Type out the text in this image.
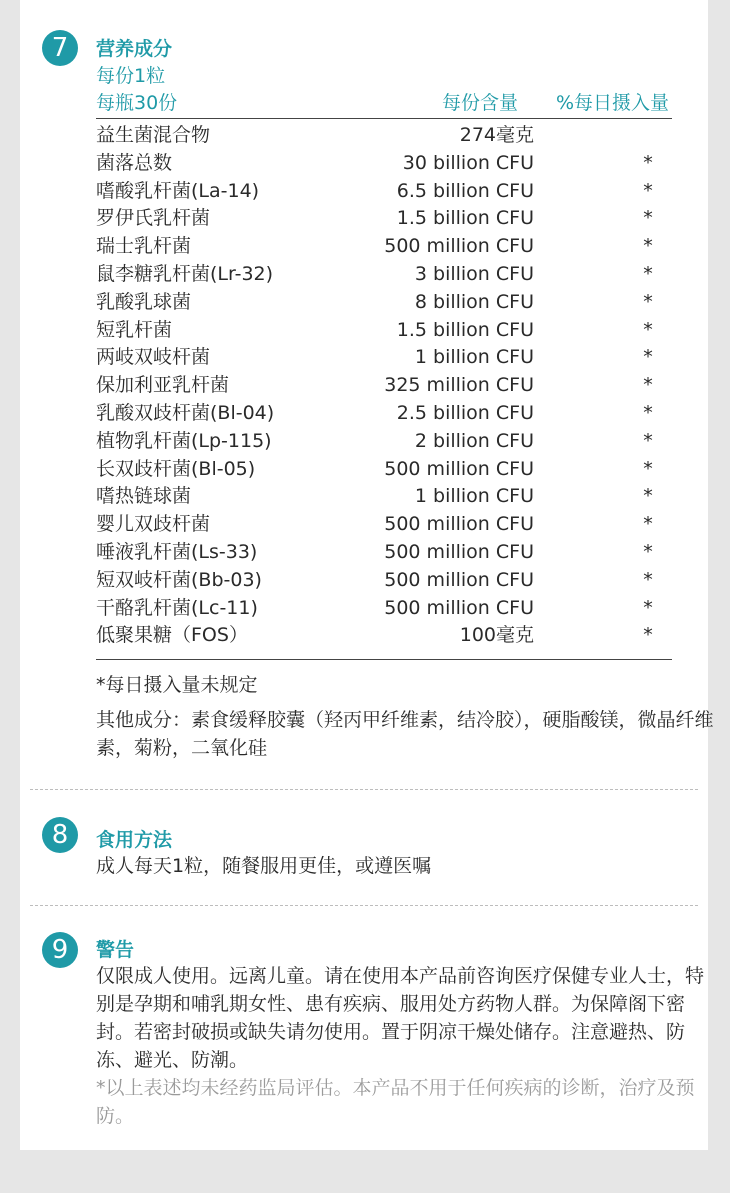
7	营养成分
每份1粒
每瓶30份	每份含量 %每日摄入量
益生菌混合物	274毫克
菌落总数	30 billion CFU	*
嗜酸乳杆菌(La-14)	6.5 billion CFU	*
罗伊氏乳杆菌	1.5 billion CFU	*
瑞士乳杆菌	500 million CFU	*
鼠李糖乳杆菌(Lr-32)	3 billion CFU	*
乳酸乳球菌	8 billion CFU	*
短乳杆菌	1.5 billion CFU	*
两岐双岐杆菌	1 billion CFU	*
保加利亚乳杆菌	325 million CFU	*
乳酸双歧杆菌(Bl-04)	2.5 billion CFU	*
植物乳杆菌(Lp-115)	2 billion CFU	*
长双歧杆菌(Bl-05)	500 million CFU	*
嗜热链球菌	1 billion CFU	*
婴儿双歧杆菌	500 million CFU	*
唾液乳杆菌(Ls-33)	500 million CFU	*
短双岐杆菌(Bb-03)	500 million CFU	*
干酪乳杆菌(Lc-11)	500 million CFU	*
低聚果糖（FOS）	100毫克	*
*每日摄入量未规定
其他成分：素食缓释胶囊（羟丙甲纤维素，结冷胶），硬脂酸镁，微晶纤维素，菊粉，二氧化硅
8	食用方法
成人每天1粒，随餐服用更佳，或遵医嘱
9	警告
仅限成人使用。远离儿童。请在使用本产品前咨询医疗保健专业人士，特别是孕期和哺乳期女性、患有疾病、服用处方药物人群。为保障阁下密封。若密封破损或缺失请勿使用。置于阴凉干燥处储存。注意避热、防冻、避光、防潮。
*以上表述均未经药监局评估。本产品不用于任何疾病的诊断，治疗及预防。
